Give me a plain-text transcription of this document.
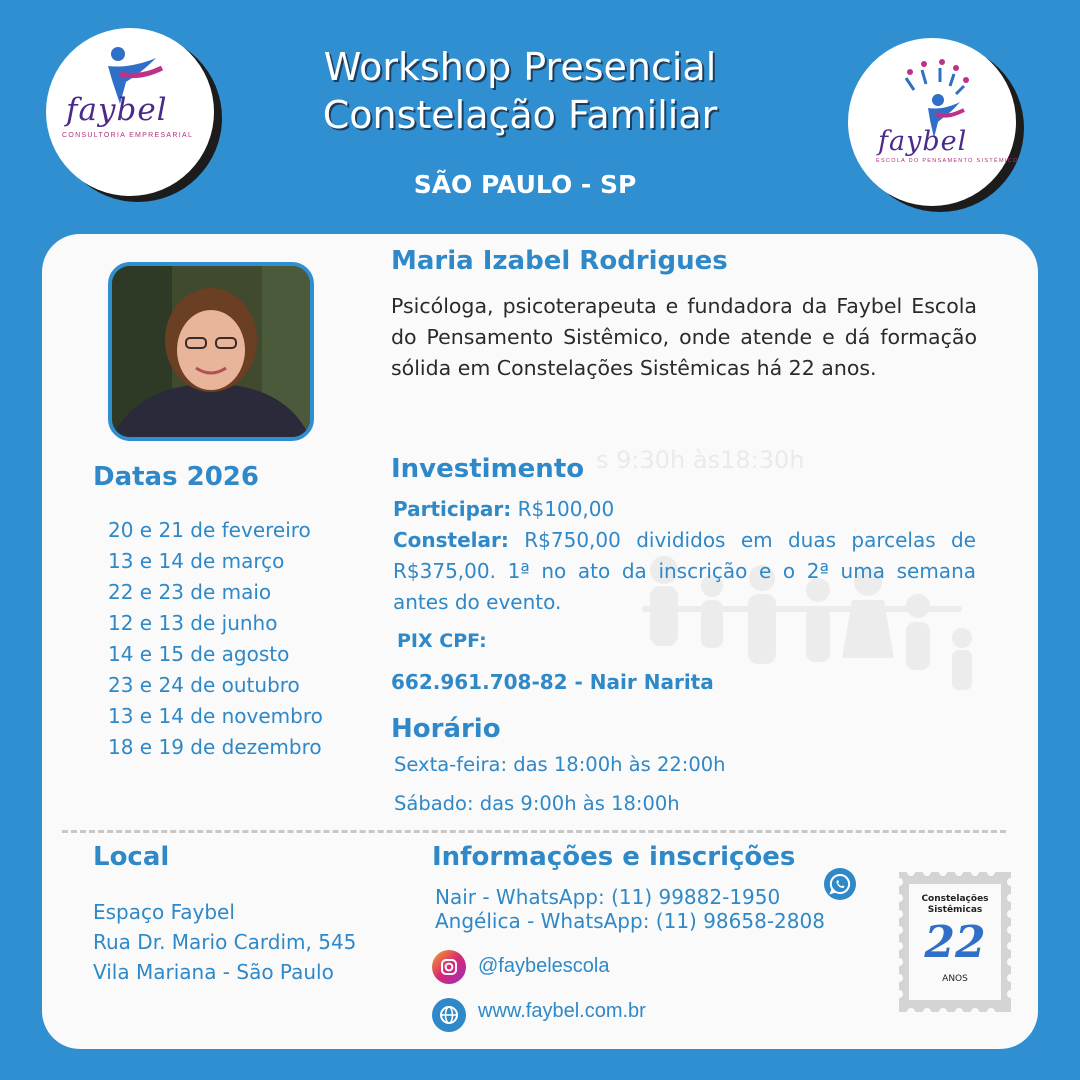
faybel
CONSULTORIA EMPRESARIAL
Workshop Presencial
Constelação Familiar
SÃO PAULO - SP
faybel
ESCOLA DO PENSAMENTO SISTÊMICO
Maria Izabel Rodrigues
Psicóloga, psicoterapeuta e fundadora da Faybel Escola do Pensamento Sistêmico, onde atende e dá formação sólida em Constelações Sistêmicas há 22 anos.
Datas 2026
20 e 21 de fevereiro
13 e 14 de março
22 e 23 de maio
12 e 13 de junho
14 e 15 de agosto
23 e 24 de outubro
13 e 14 de novembro
18 e 19 de dezembro
s 9:30h às18:30h
Investimento
Participar: R$100,00
Constelar: R$750,00 divididos em duas parcelas de R$375,00. 1ª no ato da inscrição e o 2ª uma semana antes do evento.
PIX CPF:
662.961.708-82 - Nair Narita
Horário
Sexta-feira: das 18:00h às 22:00h
Sábado: das 9:00h às 18:00h
Local
Espaço Faybel
Rua Dr. Mario Cardim, 545
Vila Mariana - São Paulo
Informações e inscrições
Nair - WhatsApp: (11) 99882-1950
Angélica - WhatsApp: (11) 98658-2808
@faybelescola
www.faybel.com.br
Constelações
Sistêmicas
22
ANOS
